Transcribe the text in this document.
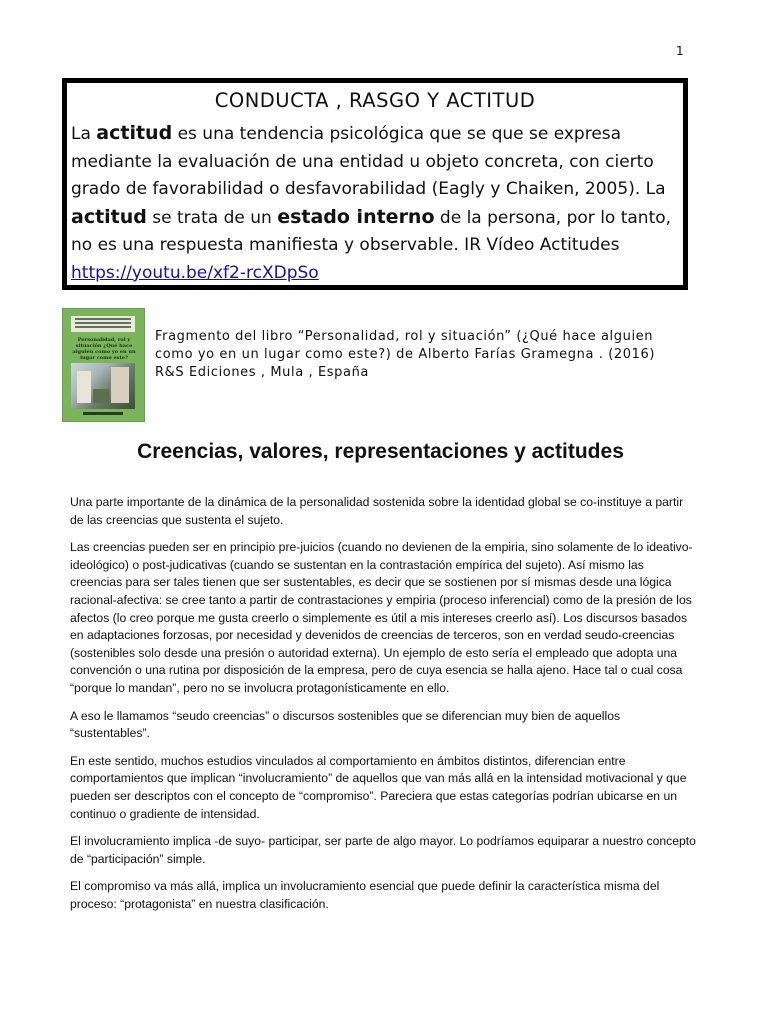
1
CONDUCTA , RASGO Y ACTITUD
La actitud es una tendencia psicológica que se que se expresa mediante la evaluación de una entidad u objeto concreta, con cierto grado de favorabilidad o desfavorabilidad (Eagly y Chaiken, 2005). La actitud se trata de un estado interno de la persona, por lo tanto, no es una respuesta manifiesta y observable. IR Vídeo Actitudes https://youtu.be/xf2-rcXDpSo
Personalidad, rol y situación ¿Qué hace alguien como yo en un lugar como este?
Fragmento del libro “Personalidad, rol y situación” (¿Qué hace alguien como yo en un lugar como este?) de Alberto Farías Gramegna . (2016) R&S Ediciones , Mula , España
Creencias, valores, representaciones y actitudes

Una parte importante de la dinámica de la personalidad sostenida sobre la identidad global se co-instituye a partir de las creencias que sustenta el sujeto.

Las creencias pueden ser en principio pre-juicios (cuando no devienen de la empiria, sino solamente de lo ideativo-ideológico) o post-judicativas (cuando se sustentan en la contrastación empírica del sujeto). Así mismo las creencias para ser tales tienen que ser sustentables, es decir que se sostienen por sí mismas desde una lógica racional-afectiva: se cree tanto a partir de contrastaciones y empiria (proceso inferencial) como de la presión de los afectos (lo creo porque me gusta creerlo o simplemente es útil a mis intereses creerlo así). Los discursos basados en adaptaciones forzosas, por necesidad y devenidos de creencias de terceros, son en verdad seudo-creencias (sostenibles solo desde una presión o autoridad externa). Un ejemplo de esto sería el empleado que adopta una convención o una rutina por disposición de la empresa, pero de cuya esencia se halla ajeno. Hace tal o cual cosa “porque lo mandan”, pero no se involucra protagonísticamente en ello.

A eso le llamamos “seudo creencias” o discursos sostenibles que se diferencian muy bien de aquellos “sustentables”.

En este sentido, muchos estudios vinculados al comportamiento en ámbitos distintos, diferencian entre comportamientos que implican “involucramiento” de aquellos que van más allá en la intensidad motivacional y que pueden ser descriptos con el concepto de “compromiso”. Pareciera que estas categorías podrían ubicarse en un continuo o gradiente de intensidad.

El involucramiento implica -de suyo- participar, ser parte de algo mayor. Lo podríamos equiparar a nuestro concepto de “participación” simple.

El compromiso va más allá, implica un involucramiento esencial que puede definir la característica misma del proceso: “protagonista” en nuestra clasificación.
